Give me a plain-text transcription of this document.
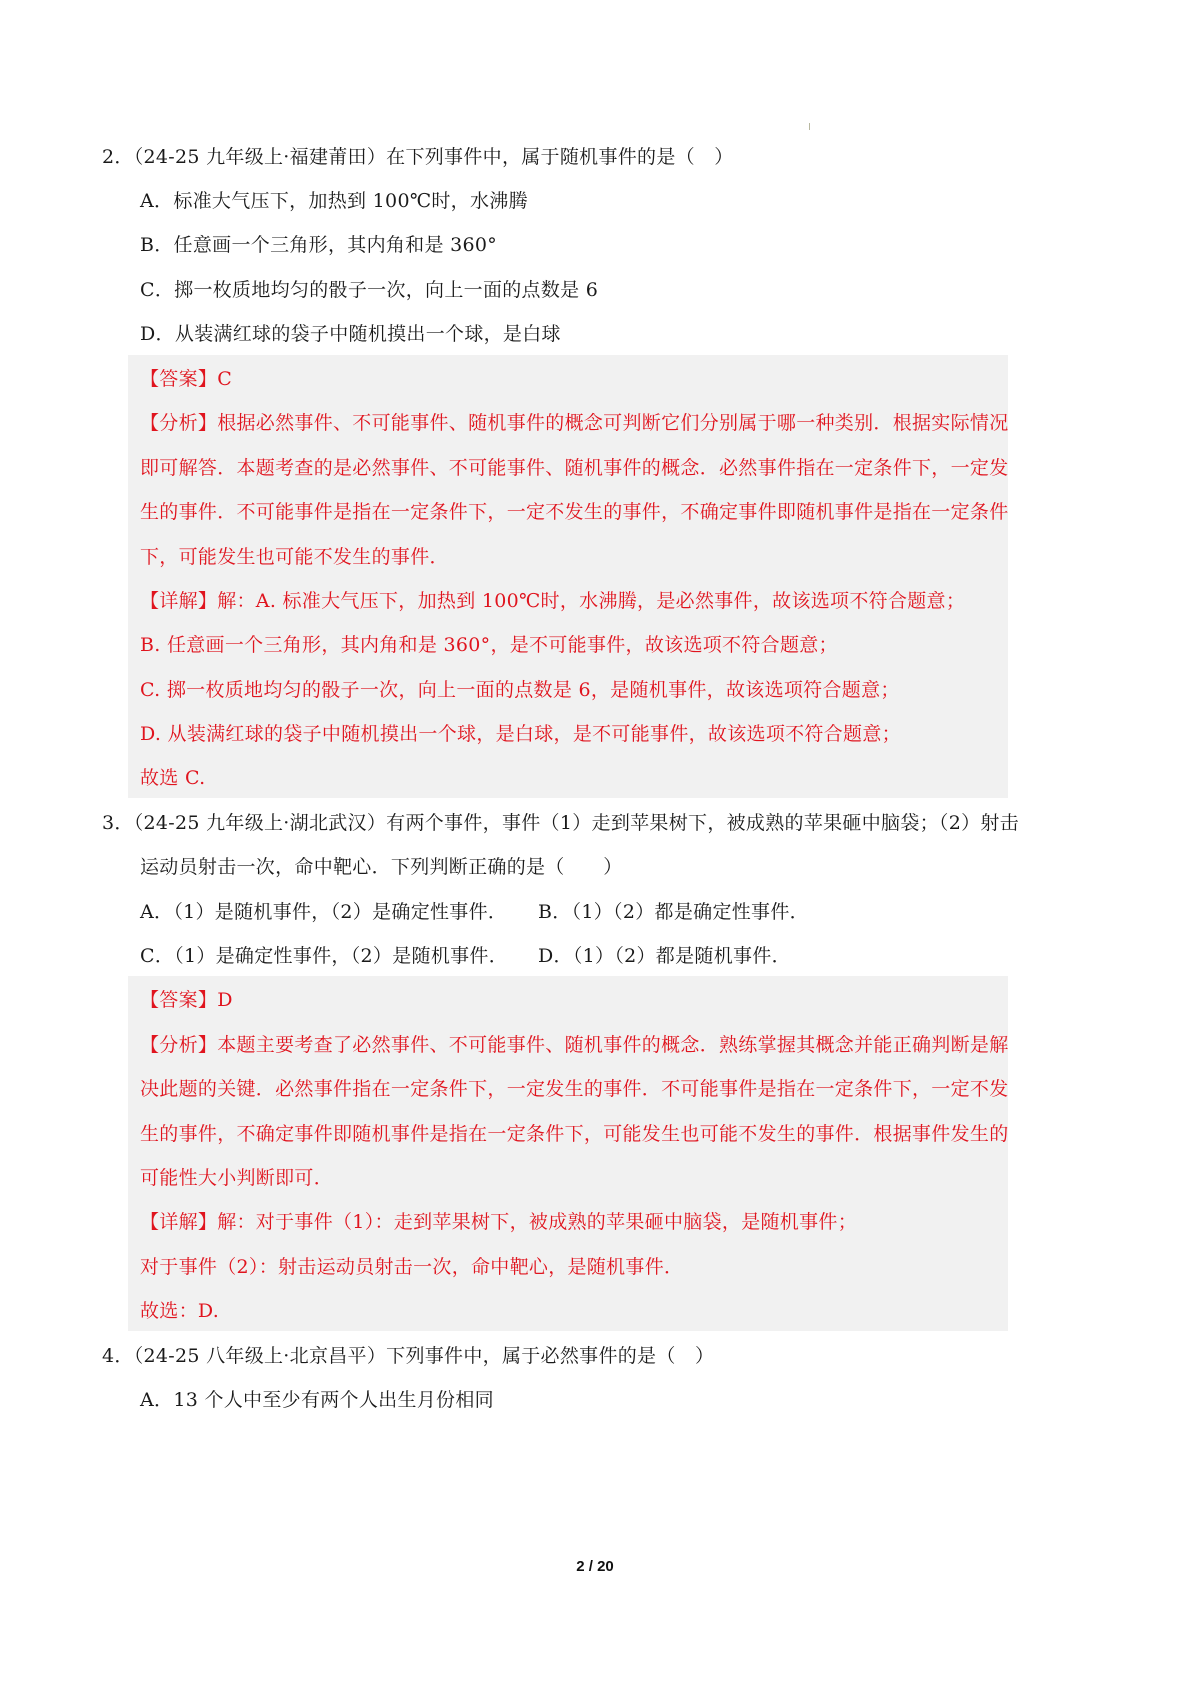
2．（24-25 九年级上·福建莆田）在下列事件中，属于随机事件的是（　）
A．标准大气压下，加热到 100℃时，水沸腾
B．任意画一个三角形，其内角和是 360°
C．掷一枚质地均匀的骰子一次，向上一面的点数是 6
D．从装满红球的袋子中随机摸出一个球，是白球
【答案】C
【分析】根据必然事件、不可能事件、随机事件的概念可判断它们分别属于哪一种类别．根据实际情况
即可解答．本题考查的是必然事件、不可能事件、随机事件的概念．必然事件指在一定条件下，一定发
生的事件．不可能事件是指在一定条件下，一定不发生的事件，不确定事件即随机事件是指在一定条件
下，可能发生也可能不发生的事件．
【详解】解：A. 标准大气压下，加热到 100℃时，水沸腾，是必然事件，故该选项不符合题意；
B. 任意画一个三角形，其内角和是 360°，是不可能事件，故该选项不符合题意；
C. 掷一枚质地均匀的骰子一次，向上一面的点数是 6，是随机事件，故该选项符合题意；
D. 从装满红球的袋子中随机摸出一个球，是白球，是不可能事件，故该选项不符合题意；
故选 C.
3．（24-25 九年级上·湖北武汉）有两个事件，事件（1）走到苹果树下，被成熟的苹果砸中脑袋；（2）射击
运动员射击一次，命中靶心．下列判断正确的是（　　）
A．（1）是随机事件，（2）是确定性事件． B．（1）（2）都是确定性事件．
C．（1）是确定性事件，（2）是随机事件． D．（1）（2）都是随机事件．
【答案】D
【分析】本题主要考查了必然事件、不可能事件、随机事件的概念．熟练掌握其概念并能正确判断是解
决此题的关键．必然事件指在一定条件下，一定发生的事件．不可能事件是指在一定条件下，一定不发
生的事件，不确定事件即随机事件是指在一定条件下，可能发生也可能不发生的事件．根据事件发生的
可能性大小判断即可．
【详解】解：对于事件（1）：走到苹果树下，被成熟的苹果砸中脑袋，是随机事件；
对于事件（2）：射击运动员射击一次，命中靶心，是随机事件．
故选：D.
4．（24-25 八年级上·北京昌平）下列事件中，属于必然事件的是（　）
A．13 个人中至少有两个人出生月份相同
2 / 20
